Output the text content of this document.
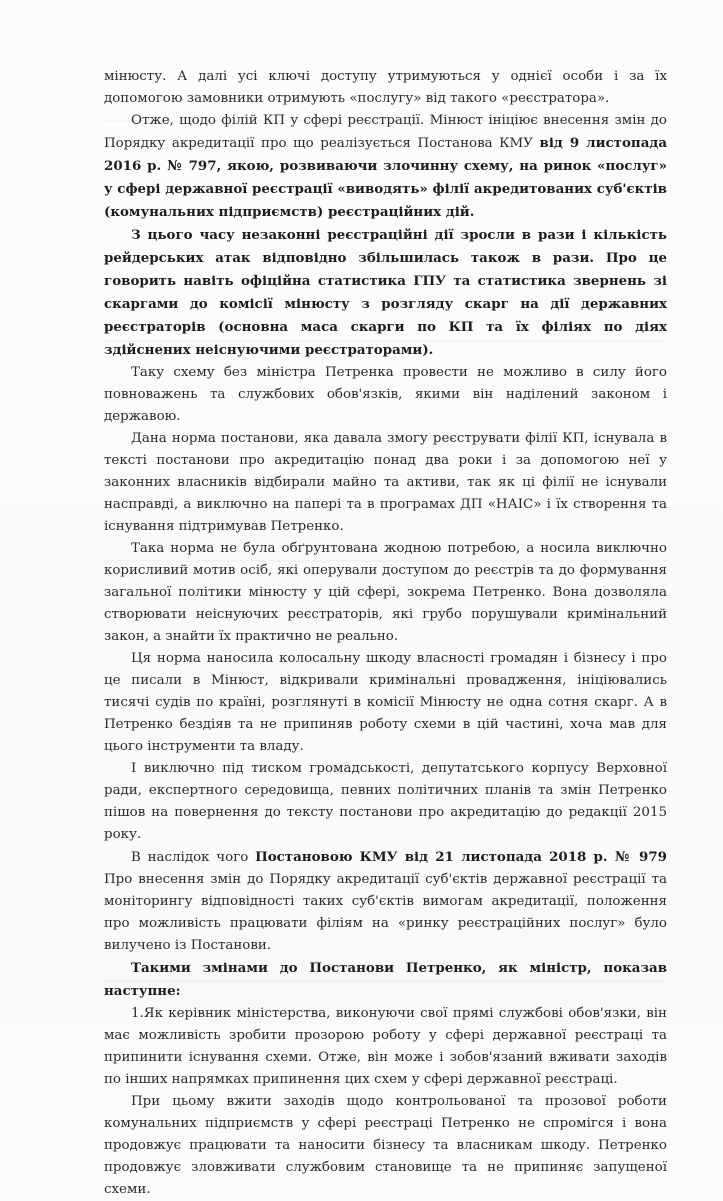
мінюсту. А далі усі ключі доступу утримуються у однієї особи і за їх допомогою замовники отримують «послугу» від такого «реєстратора».

Отже, щодо філій КП у сфері реєстрації. Мінюст ініціює внесення змін до Порядку акредитації про що реалізується Постанова КМУ від 9 листопада 2016 р. № 797, якою, розвиваючи злочинну схему, на ринок «послуг» у сфері державної реєстрації «виводять» філії акредитованих суб'єктів (комунальних підприємств) реєстраційних дій.

З цього часу незаконні реєстраційні дії зросли в рази і кількість рейдерських атак відповідно збільшилась також в рази. Про це говорить навіть офіційна статистика ГПУ та статистика звернень зі скаргами до комісії мінюсту з розгляду скарг на дії державних реєстраторів (основна маса скарги по КП та їх філіях по діях здійснених неіснуючими реєстраторами).

Таку схему без міністра Петренка провести не можливо в силу його повноважень та службових обов'язків, якими він наділений законом і державою.

Дана норма постанови, яка давала змогу реєструвати філії КП, існувала в тексті постанови про акредитацію понад два роки і за допомогою неї у законних власників відбирали майно та активи, так як ці філії не існували насправді, а виключно на папері та в програмах ДП «НАІС» і їх створення та існування підтримував Петренко.

Така норма не була обґрунтована жодною потребою, а носила виключно корисливий мотив осіб, які оперували доступом до реєстрів та до формування загальної політики мінюсту у цій сфері, зокрема Петренко. Вона дозволяла створювати неіснуючих реєстраторів, які грубо порушували кримінальний закон, а знайти їх практично не реально.

Ця норма наносила колосальну шкоду власності громадян і бізнесу і про це писали в Мінюст, відкривали кримінальні провадження, ініціювались тисячі судів по країні, розглянуті в комісії Мінюсту не одна сотня скарг. А в Петренко бездіяв та не припиняв роботу схеми в цій частині, хоча мав для цього інструменти та владу.

І виключно під тиском громадськості, депутатського корпусу Верховної ради, експертного середовища, певних політичних планів та змін Петренко пішов на повернення до тексту постанови про акредитацію до редакції 2015 року.

В наслідок чого Постановою КМУ від 21 листопада 2018 р. № 979 Про внесення змін до Порядку акредитації суб'єктів державної реєстрації та моніторингу відповідності таких суб'єктів вимогам акредитації, положення про можливість працювати філіям на «ринку реєстраційних послуг» було вилучено із Постанови.

Такими змінами до Постанови Петренко, як міністр, показав наступне:

1.Як керівник міністерства, виконуючи свої прямі службові обов'язки, він має можливість зробити прозорою роботу у сфері державної реєстраці та припинити існування схеми. Отже, він може і зобов'язаний вживати заходів по інших напрямках припинення цих схем у сфері державної реєстраці.

При цьому вжити заходів щодо контрольованої та прозової роботи комунальних підприємств у сфері реєстраці Петренко не спромігся і вона продовжує працювати та наносити бізнесу та власникам шкоду. Петренко продовжує зловживати службовим становище та не припиняє запущеної схеми.
